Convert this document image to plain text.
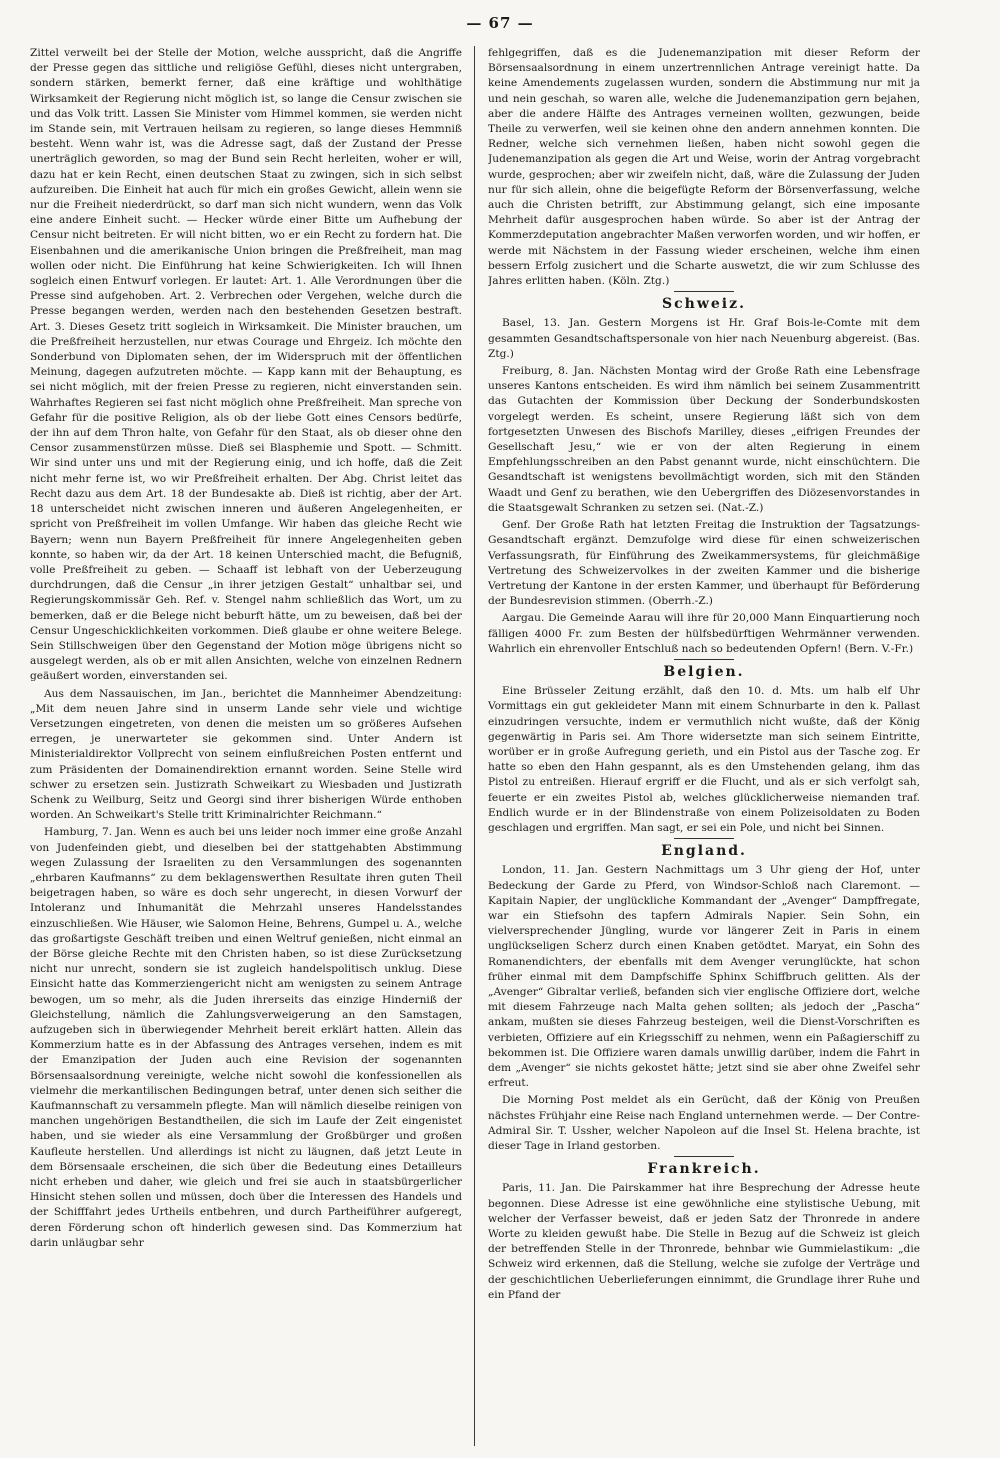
— 67 —

Zittel verweilt bei der Stelle der Motion, welche ausspricht, daß die Angriffe der Presse gegen das sittliche und religiöse Gefühl, dieses nicht untergraben, sondern stärken, bemerkt ferner, daß eine kräftige und wohlthätige Wirksamkeit der Regierung nicht möglich ist, so lange die Censur zwischen sie und das Volk tritt. Lassen Sie Minister vom Himmel kommen, sie werden nicht im Stande sein, mit Vertrauen heilsam zu regieren, so lange dieses Hemmniß besteht. Wenn wahr ist, was die Adresse sagt, daß der Zustand der Presse unerträglich geworden, so mag der Bund sein Recht herleiten, woher er will, dazu hat er kein Recht, einen deutschen Staat zu zwingen, sich in sich selbst aufzureiben. Die Einheit hat auch für mich ein großes Gewicht, allein wenn sie nur die Freiheit niederdrückt, so darf man sich nicht wundern, wenn das Volk eine andere Einheit sucht. — Hecker würde einer Bitte um Aufhebung der Censur nicht beitreten. Er will nicht bitten, wo er ein Recht zu fordern hat. Die Eisenbahnen und die amerikanische Union bringen die Preßfreiheit, man mag wollen oder nicht. Die Einführung hat keine Schwierigkeiten. Ich will Ihnen sogleich einen Entwurf vorlegen. Er lautet: Art. 1. Alle Verordnungen über die Presse sind aufgehoben. Art. 2. Verbrechen oder Vergehen, welche durch die Presse begangen werden, werden nach den bestehenden Gesetzen bestraft. Art. 3. Dieses Gesetz tritt sogleich in Wirksamkeit. Die Minister brauchen, um die Preßfreiheit herzustellen, nur etwas Courage und Ehrgeiz. Ich möchte den Sonderbund von Diplomaten sehen, der im Widerspruch mit der öffentlichen Meinung, dagegen aufzutreten möchte. — Kapp kann mit der Behauptung, es sei nicht möglich, mit der freien Presse zu regieren, nicht einverstanden sein. Wahrhaftes Regieren sei fast nicht möglich ohne Preßfreiheit. Man spreche von Gefahr für die positive Religion, als ob der liebe Gott eines Censors bedürfe, der ihn auf dem Thron halte, von Gefahr für den Staat, als ob dieser ohne den Censor zusammenstürzen müsse. Dieß sei Blasphemie und Spott. — Schmitt. Wir sind unter uns und mit der Regierung einig, und ich hoffe, daß die Zeit nicht mehr ferne ist, wo wir Preßfreiheit erhalten. Der Abg. Christ leitet das Recht dazu aus dem Art. 18 der Bundesakte ab. Dieß ist richtig, aber der Art. 18 unterscheidet nicht zwischen inneren und äußeren Angelegenheiten, er spricht von Preßfreiheit im vollen Umfange. Wir haben das gleiche Recht wie Bayern; wenn nun Bayern Preßfreiheit für innere Angelegenheiten geben konnte, so haben wir, da der Art. 18 keinen Unterschied macht, die Befugniß, volle Preßfreiheit zu geben. — Schaaff ist lebhaft von der Ueberzeugung durchdrungen, daß die Censur „in ihrer jetzigen Gestalt“ unhaltbar sei, und Regierungskommissär Geh. Ref. v. Stengel nahm schließlich das Wort, um zu bemerken, daß er die Belege nicht beburft hätte, um zu beweisen, daß bei der Censur Ungeschicklichkeiten vorkommen. Dieß glaube er ohne weitere Belege. Sein Stillschweigen über den Gegenstand der Motion möge übrigens nicht so ausgelegt werden, als ob er mit allen Ansichten, welche von einzelnen Rednern geäußert worden, einverstanden sei.

Aus dem Nassauischen, im Jan., berichtet die Mannheimer Abendzeitung: „Mit dem neuen Jahre sind in unserm Lande sehr viele und wichtige Versetzungen eingetreten, von denen die meisten um so größeres Aufsehen erregen, je unerwarteter sie gekommen sind. Unter Andern ist Ministerialdirektor Vollprecht von seinem einflußreichen Posten entfernt und zum Präsidenten der Domainendirektion ernannt worden. Seine Stelle wird schwer zu ersetzen sein. Justizrath Schweikart zu Wiesbaden und Justizrath Schenk zu Weilburg, Seitz und Georgi sind ihrer bisherigen Würde enthoben worden. An Schweikart's Stelle tritt Kriminalrichter Reichmann.“

Hamburg, 7. Jan. Wenn es auch bei uns leider noch immer eine große Anzahl von Judenfeinden giebt, und dieselben bei der stattgehabten Abstimmung wegen Zulassung der Israeliten zu den Versammlungen des sogenannten „ehrbaren Kaufmanns“ zu dem beklagenswerthen Resultate ihren guten Theil beigetragen haben, so wäre es doch sehr ungerecht, in diesen Vorwurf der Intoleranz und Inhumanität die Mehrzahl unseres Handelsstandes einzuschließen. Wie Häuser, wie Salomon Heine, Behrens, Gumpel u. A., welche das großartigste Geschäft treiben und einen Weltruf genießen, nicht einmal an der Börse gleiche Rechte mit den Christen haben, so ist diese Zurücksetzung nicht nur unrecht, sondern sie ist zugleich handelspolitisch unklug. Diese Einsicht hatte das Kommerziengericht nicht am wenigsten zu seinem Antrage bewogen, um so mehr, als die Juden ihrerseits das einzige Hinderniß der Gleichstellung, nämlich die Zahlungsverweigerung an den Samstagen, aufzugeben sich in überwiegender Mehrheit bereit erklärt hatten. Allein das Kommerzium hatte es in der Abfassung des Antrages versehen, indem es mit der Emanzipation der Juden auch eine Revision der sogenannten Börsensaalsordnung vereinigte, welche nicht sowohl die konfessionellen als vielmehr die merkantilischen Bedingungen betraf, unter denen sich seither die Kaufmannschaft zu versammeln pflegte. Man will nämlich dieselbe reinigen von manchen ungehörigen Bestandtheilen, die sich im Laufe der Zeit eingenistet haben, und sie wieder als eine Versammlung der Großbürger und großen Kaufleute herstellen. Und allerdings ist nicht zu läugnen, daß jetzt Leute in dem Börsensaale erscheinen, die sich über die Bedeutung eines Detailleurs nicht erheben und daher, wie gleich und frei sie auch in staatsbürgerlicher Hinsicht stehen sollen und müssen, doch über die Interessen des Handels und der Schifffahrt jedes Urtheils entbehren, und durch Partheiführer aufgeregt, deren Förderung schon oft hinderlich gewesen sind. Das Kommerzium hat darin unläugbar sehr

fehlgegriffen, daß es die Judenemanzipation mit dieser Reform der Börsensaalsordnung in einem unzertrennlichen Antrage vereinigt hatte. Da keine Amendements zugelassen wurden, sondern die Abstimmung nur mit ja und nein geschah, so waren alle, welche die Judenemanzipation gern bejahen, aber die andere Hälfte des Antrages verneinen wollten, gezwungen, beide Theile zu verwerfen, weil sie keinen ohne den andern annehmen konnten. Die Redner, welche sich vernehmen ließen, haben nicht sowohl gegen die Judenemanzipation als gegen die Art und Weise, worin der Antrag vorgebracht wurde, gesprochen; aber wir zweifeln nicht, daß, wäre die Zulassung der Juden nur für sich allein, ohne die beigefügte Reform der Börsenverfassung, welche auch die Christen betrifft, zur Abstimmung gelangt, sich eine imposante Mehrheit dafür ausgesprochen haben würde. So aber ist der Antrag der Kommerzdeputation angebrachter Maßen verworfen worden, und wir hoffen, er werde mit Nächstem in der Fassung wieder erscheinen, welche ihm einen bessern Erfolg zusichert und die Scharte auswetzt, die wir zum Schlusse des Jahres erlitten haben. (Köln. Ztg.)

Schweiz.

Basel, 13. Jan. Gestern Morgens ist Hr. Graf Bois-le-Comte mit dem gesammten Gesandtschaftspersonale von hier nach Neuenburg abgereist. (Bas. Ztg.)

Freiburg, 8. Jan. Nächsten Montag wird der Große Rath eine Lebensfrage unseres Kantons entscheiden. Es wird ihm nämlich bei seinem Zusammentritt das Gutachten der Kommission über Deckung der Sonderbundskosten vorgelegt werden. Es scheint, unsere Regierung läßt sich von dem fortgesetzten Unwesen des Bischofs Marilley, dieses „eifrigen Freundes der Gesellschaft Jesu,“ wie er von der alten Regierung in einem Empfehlungsschreiben an den Pabst genannt wurde, nicht einschüchtern. Die Gesandtschaft ist wenigstens bevollmächtigt worden, sich mit den Ständen Waadt und Genf zu berathen, wie den Uebergriffen des Diözesenvorstandes in die Staatsgewalt Schranken zu setzen sei. (Nat.-Z.)

Genf. Der Große Rath hat letzten Freitag die Instruktion der Tagsatzungs-Gesandtschaft ergänzt. Demzufolge wird diese für einen schweizerischen Verfassungsrath, für Einführung des Zweikammersystems, für gleichmäßige Vertretung des Schweizervolkes in der zweiten Kammer und die bisherige Vertretung der Kantone in der ersten Kammer, und überhaupt für Beförderung der Bundesrevision stimmen. (Oberrh.-Z.)

Aargau. Die Gemeinde Aarau will ihre für 20,000 Mann Einquartierung noch fälligen 4000 Fr. zum Besten der hülfsbedürftigen Wehrmänner verwenden. Wahrlich ein ehrenvoller Entschluß nach so bedeutenden Opfern! (Bern. V.-Fr.)

Belgien.

Eine Brüsseler Zeitung erzählt, daß den 10. d. Mts. um halb elf Uhr Vormittags ein gut gekleideter Mann mit einem Schnurbarte in den k. Pallast einzudringen versuchte, indem er vermuthlich nicht wußte, daß der König gegenwärtig in Paris sei. Am Thore widersetzte man sich seinem Eintritte, worüber er in große Aufregung gerieth, und ein Pistol aus der Tasche zog. Er hatte so eben den Hahn gespannt, als es den Umstehenden gelang, ihm das Pistol zu entreißen. Hierauf ergriff er die Flucht, und als er sich verfolgt sah, feuerte er ein zweites Pistol ab, welches glücklicherweise niemanden traf. Endlich wurde er in der Blindenstraße von einem Polizeisoldaten zu Boden geschlagen und ergriffen. Man sagt, er sei ein Pole, und nicht bei Sinnen.

England.

London, 11. Jan. Gestern Nachmittags um 3 Uhr gieng der Hof, unter Bedeckung der Garde zu Pferd, von Windsor-Schloß nach Claremont. — Kapitain Napier, der unglückliche Kommandant der „Avenger“ Dampffregate, war ein Stiefsohn des tapfern Admirals Napier. Sein Sohn, ein vielversprechender Jüngling, wurde vor längerer Zeit in Paris in einem unglückseligen Scherz durch einen Knaben getödtet. Maryat, ein Sohn des Romanendichters, der ebenfalls mit dem Avenger verunglückte, hat schon früher einmal mit dem Dampfschiffe Sphinx Schiffbruch gelitten. Als der „Avenger“ Gibraltar verließ, befanden sich vier englische Offiziere dort, welche mit diesem Fahrzeuge nach Malta gehen sollten; als jedoch der „Pascha“ ankam, mußten sie dieses Fahrzeug besteigen, weil die Dienst-Vorschriften es verbieten, Offiziere auf ein Kriegsschiff zu nehmen, wenn ein Paßagierschiff zu bekommen ist. Die Offiziere waren damals unwillig darüber, indem die Fahrt in dem „Avenger“ sie nichts gekostet hätte; jetzt sind sie aber ohne Zweifel sehr erfreut.

Die Morning Post meldet als ein Gerücht, daß der König von Preußen nächstes Frühjahr eine Reise nach England unternehmen werde. — Der Contre-Admiral Sir. T. Ussher, welcher Napoleon auf die Insel St. Helena brachte, ist dieser Tage in Irland gestorben.

Frankreich.

Paris, 11. Jan. Die Pairskammer hat ihre Besprechung der Adresse heute begonnen. Diese Adresse ist eine gewöhnliche eine stylistische Uebung, mit welcher der Verfasser beweist, daß er jeden Satz der Thronrede in andere Worte zu kleiden gewußt habe. Die Stelle in Bezug auf die Schweiz ist gleich der betreffenden Stelle in der Thronrede, behnbar wie Gummielastikum: „die Schweiz wird erkennen, daß die Stellung, welche sie zufolge der Verträge und der geschichtlichen Ueberlieferungen einnimmt, die Grundlage ihrer Ruhe und ein Pfand der
